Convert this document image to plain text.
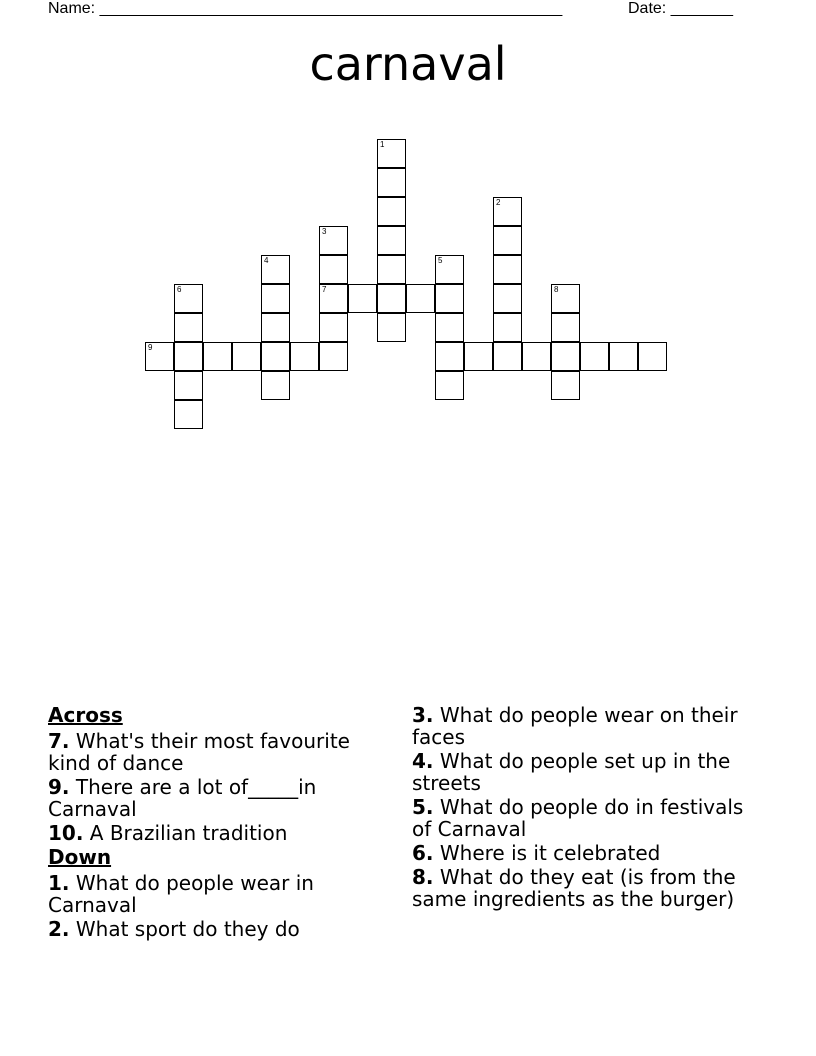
Name: ____________________________________________________	Date: _______
carnaval
1
2
3
7
4	5
6	8
9
Across
7. What's their most favourite kind of dance
9. There are a lot of_____in Carnaval
10. A Brazilian tradition
Down
1. What do people wear in Carnaval
2. What sport do they do
3. What do people wear on their faces
4. What do people set up in the streets
5. What do people do in festivals of Carnaval
6. Where is it celebrated
8. What do they eat (is from the same ingredients as the burger)
